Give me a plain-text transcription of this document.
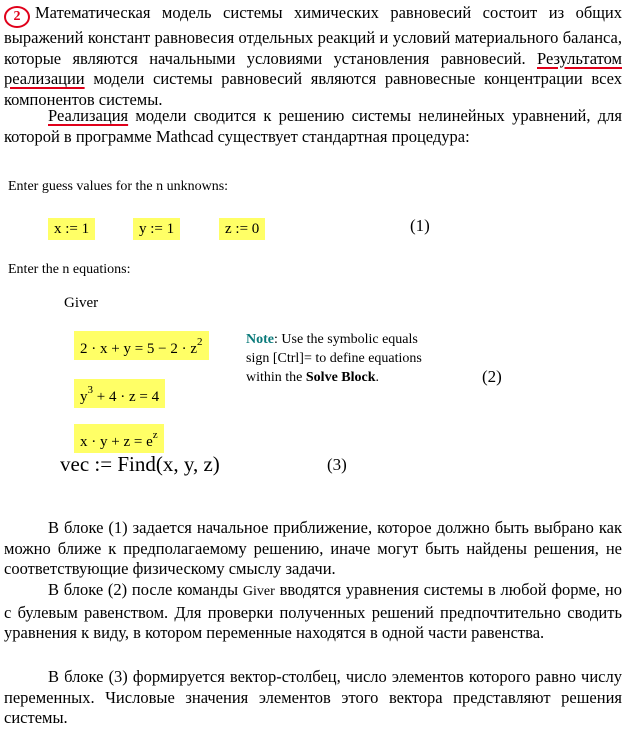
2 Математическая модель системы химических равновесий состоит из общих выражений констант равновесия отдельных реакций и условий материального баланса, которые являются начальными условиями установления равновесий. Результатом реализации модели системы равновесий являются равновесные концентрации всех компонентов системы.
Реализация модели сводится к решению системы нелинейных уравнений, для которой в программе Mathcad существует стандартная процедура:
Enter guess values for the n unknowns:
x := 1	y := 1	z := 0	(1)
Enter the n equations:
Giver
$2 \cdot x + y = 5 - 2 \cdot z^2$
$y^3 + 4 \cdot z = 4$
$x \cdot y + z = e^z$
Note: Use the symbolic equals sign [Ctrl]= to define equations within the Solve Block.	(2)
vec := Find(x, y, z)	(3)
В блоке (1) задается начальное приближение, которое должно быть выбрано как можно ближе к предполагаемому решению, иначе могут быть найдены решения, не соответствующие физическому смыслу задачи.
В блоке (2) после команды Giver вводятся уравнения системы в любой форме, но с булевым равенством. Для проверки полученных решений предпочтительно сводить уравнения к виду, в котором переменные находятся в одной части равенства.
В блоке (3) формируется вектор-столбец, число элементов которого равно числу переменных. Числовые значения элементов этого вектора представляют решения системы.
